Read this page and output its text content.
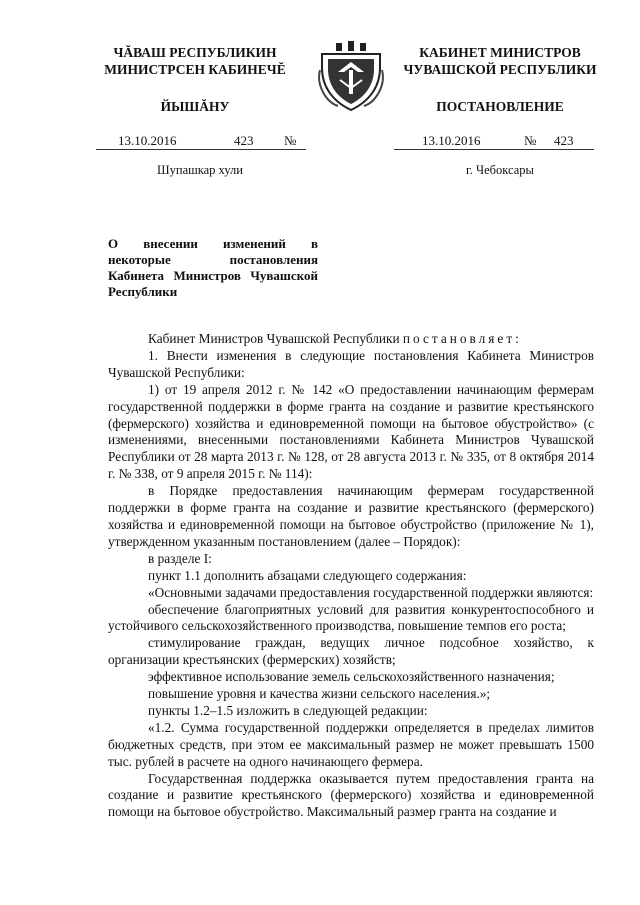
ЧĂВАШ РЕСПУБЛИКИН
МИНИСТРСЕН КАБИНЕЧĔ
ЙЫШĂНУ
КАБИНЕТ МИНИСТРОВ
ЧУВАШСКОЙ РЕСПУБЛИКИ
ПОСТАНОВЛЕНИЕ
13.10.2016	423 №	13.10.2016	№ 423
Шупашкар хули	г. Чебоксары
О внесении изменений в некоторые постановления Кабинета Министров Чувашской Республики

Кабинет Министров Чувашской Республики постановляет:

1. Внести изменения в следующие постановления Кабинета Министров Чувашской Республики:

1) от 19 апреля 2012 г. № 142 «О предоставлении начинающим фермерам государственной поддержки в форме гранта на создание и развитие крестьянского (фермерского) хозяйства и единовременной помощи на бытовое обустройство» (с изменениями, внесенными постановлениями Кабинета Министров Чувашской Республики от 28 марта 2013 г. № 128, от 28 августа 2013 г. № 335, от 8 октября 2014 г. № 338, от 9 апреля 2015 г. № 114):

в Порядке предоставления начинающим фермерам государственной поддержки в форме гранта на создание и развитие крестьянского (фермерского) хозяйства и единовременной помощи на бытовое обустройство (приложение № 1), утвержденном указанным постановлением (далее – Порядок):

в разделе I:

пункт 1.1 дополнить абзацами следующего содержания:

«Основными задачами предоставления государственной поддержки являются:

обеспечение благоприятных условий для развития конкурентоспособного и устойчивого сельскохозяйственного производства, повышение темпов его роста;

стимулирование граждан, ведущих личное подсобное хозяйство, к организации крестьянских (фермерских) хозяйств;

эффективное использование земель сельскохозяйственного назначения;

повышение уровня и качества жизни сельского населения.»;

пункты 1.2–1.5 изложить в следующей редакции:

«1.2. Сумма государственной поддержки определяется в пределах лимитов бюджетных средств, при этом ее максимальный размер не может превышать 1500 тыс. рублей в расчете на одного начинающего фермера.

Государственная поддержка оказывается путем предоставления гранта на создание и развитие крестьянского (фермерского) хозяйства и единовременной помощи на бытовое обустройство. Максимальный размер гранта на создание и
